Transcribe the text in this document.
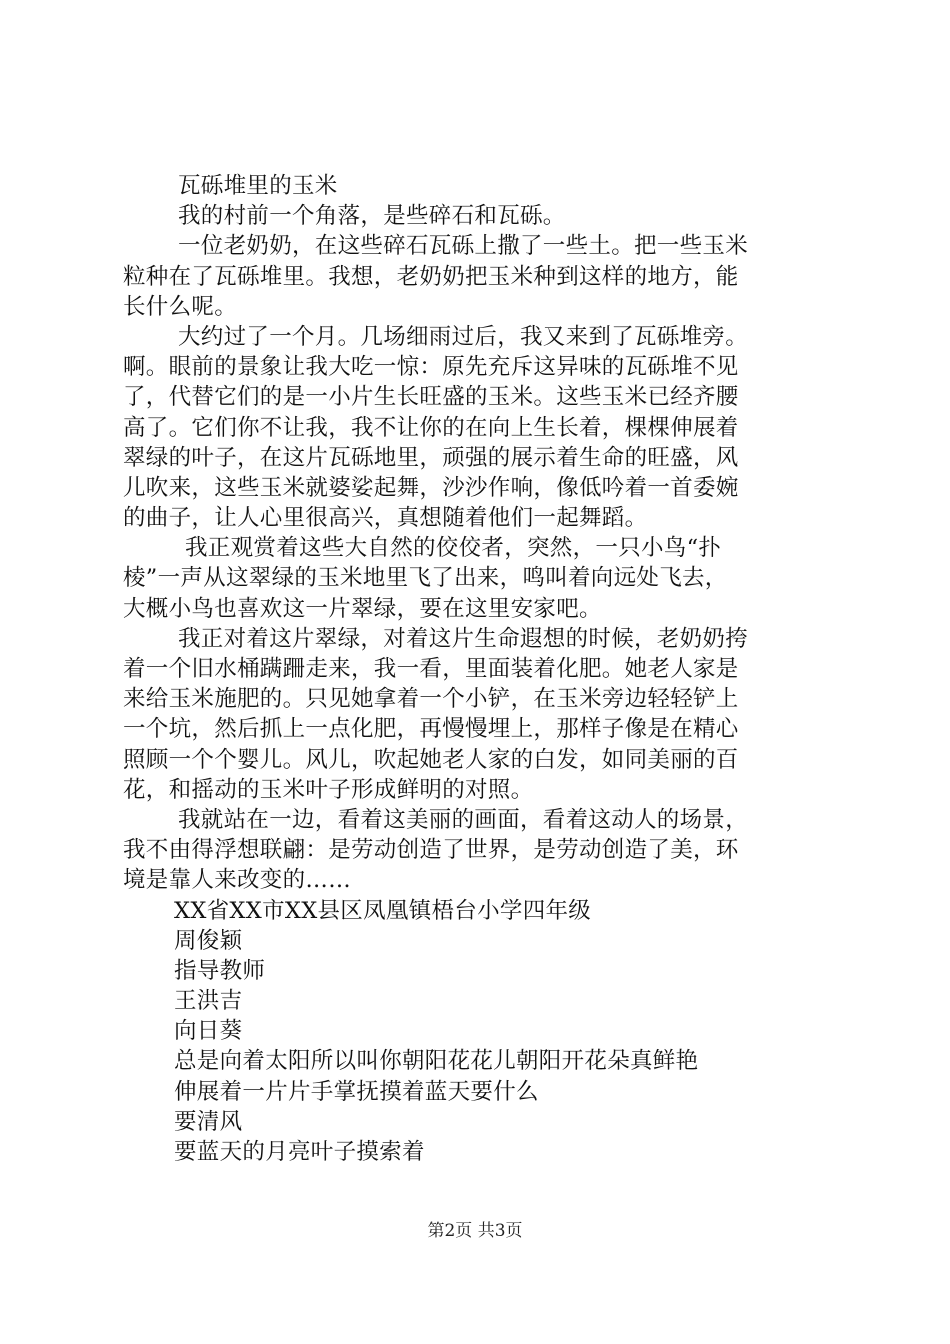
瓦砾堆里的玉米
我的村前一个角落，是些碎石和瓦砾。
一位老奶奶，在这些碎石瓦砾上撒了一些土。把一些玉米
粒种在了瓦砾堆里。我想，老奶奶把玉米种到这样的地方，能
长什么呢。
大约过了一个月。几场细雨过后，我又来到了瓦砾堆旁。
啊。眼前的景象让我大吃一惊：原先充斥这异味的瓦砾堆不见
了，代替它们的是一小片生长旺盛的玉米。这些玉米已经齐腰
高了。它们你不让我，我不让你的在向上生长着，棵棵伸展着
翠绿的叶子，在这片瓦砾地里，顽强的展示着生命的旺盛，风
儿吹来，这些玉米就婆娑起舞，沙沙作响，像低吟着一首委婉
的曲子，让人心里很高兴，真想随着他们一起舞蹈。
我正观赏着这些大自然的佼佼者，突然，一只小鸟“扑
棱”一声从这翠绿的玉米地里飞了出来，鸣叫着向远处飞去，
大概小鸟也喜欢这一片翠绿，要在这里安家吧。
我正对着这片翠绿，对着这片生命遐想的时候，老奶奶挎
着一个旧水桶蹒跚走来，我一看，里面装着化肥。她老人家是
来给玉米施肥的。只见她拿着一个小铲，在玉米旁边轻轻铲上
一个坑，然后抓上一点化肥，再慢慢埋上，那样子像是在精心
照顾一个个婴儿。风儿，吹起她老人家的白发，如同美丽的百
花，和摇动的玉米叶子形成鲜明的对照。
我就站在一边，看着这美丽的画面，看着这动人的场景，
我不由得浮想联翩：是劳动创造了世界，是劳动创造了美，环
境是靠人来改变的……
XX省XX市XX县区凤凰镇梧台小学四年级
周俊颖
指导教师
王洪吉
向日葵
总是向着太阳所以叫你朝阳花花儿朝阳开花朵真鲜艳
伸展着一片片手掌抚摸着蓝天要什么
要清风
要蓝天的月亮叶子摸索着
第2页 共3页
